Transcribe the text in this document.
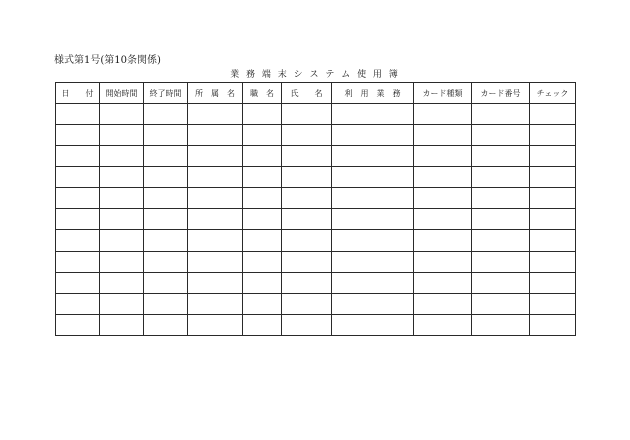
様式第1号(第10条関係)
業 務 端 末 シ ス テ ム 使 用 簿
日　　付	開始時間	終了時間	所　属　名	職　名	氏　　名	利　用　業　務	カード種類	カード番号	チェック
